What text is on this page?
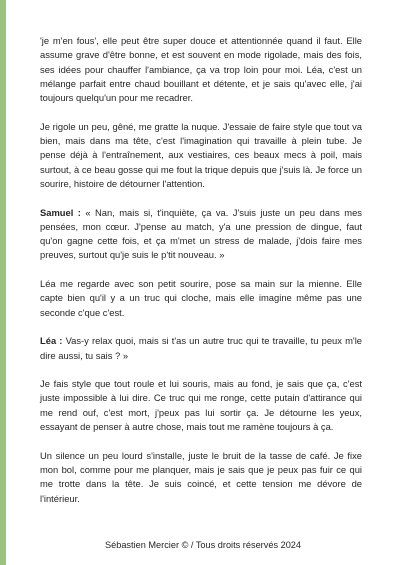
'je m'en fous', elle peut être super douce et attentionnée quand il faut. Elle assume grave d'être bonne, et est souvent en mode rigolade, mais des fois, ses idées pour chauffer l'ambiance, ça va trop loin pour moi. Léa, c'est un mélange parfait entre chaud bouillant et détente, et je sais qu'avec elle, j'ai toujours quelqu'un pour me recadrer.

Je rigole un peu, gêné, me gratte la nuque. J'essaie de faire style que tout va bien, mais dans ma tête, c'est l'imagination qui travaille à plein tube. Je pense déjà à l'entraînement, aux vestiaires, ces beaux mecs à poil, mais surtout, à ce beau gosse qui me fout la trique depuis que j'suis là. Je force un sourire, histoire de détourner l'attention.

Samuel : « Nan, mais si, t'inquiète, ça va. J'suis juste un peu dans mes pensées, mon cœur. J'pense au match, y'a une pression de dingue, faut qu'on gagne cette fois, et ça m'met un stress de malade, j'dois faire mes preuves, surtout qu'je suis le p'tit nouveau. »

Léa me regarde avec son petit sourire, pose sa main sur la mienne. Elle capte bien qu'il y a un truc qui cloche, mais elle imagine même pas une seconde c'que c'est.

Léa : Vas-y relax quoi, mais si t'as un autre truc qui te travaille, tu peux m'le dire aussi, tu sais ? »

Je fais style que tout roule et lui souris, mais au fond, je sais que ça, c'est juste impossible à lui dire. Ce truc qui me ronge, cette putain d'attirance qui me rend ouf, c'est mort, j'peux pas lui sortir ça. Je détourne les yeux, essayant de penser à autre chose, mais tout me ramène toujours à ça.

Un silence un peu lourd s'installe, juste le bruit de la tasse de café. Je fixe mon bol, comme pour me planquer, mais je sais que je peux pas fuir ce qui me trotte dans la tête. Je suis coincé, et cette tension me dévore de l'intérieur.

Sébastien Mercier © / Tous droits réservés 2024
